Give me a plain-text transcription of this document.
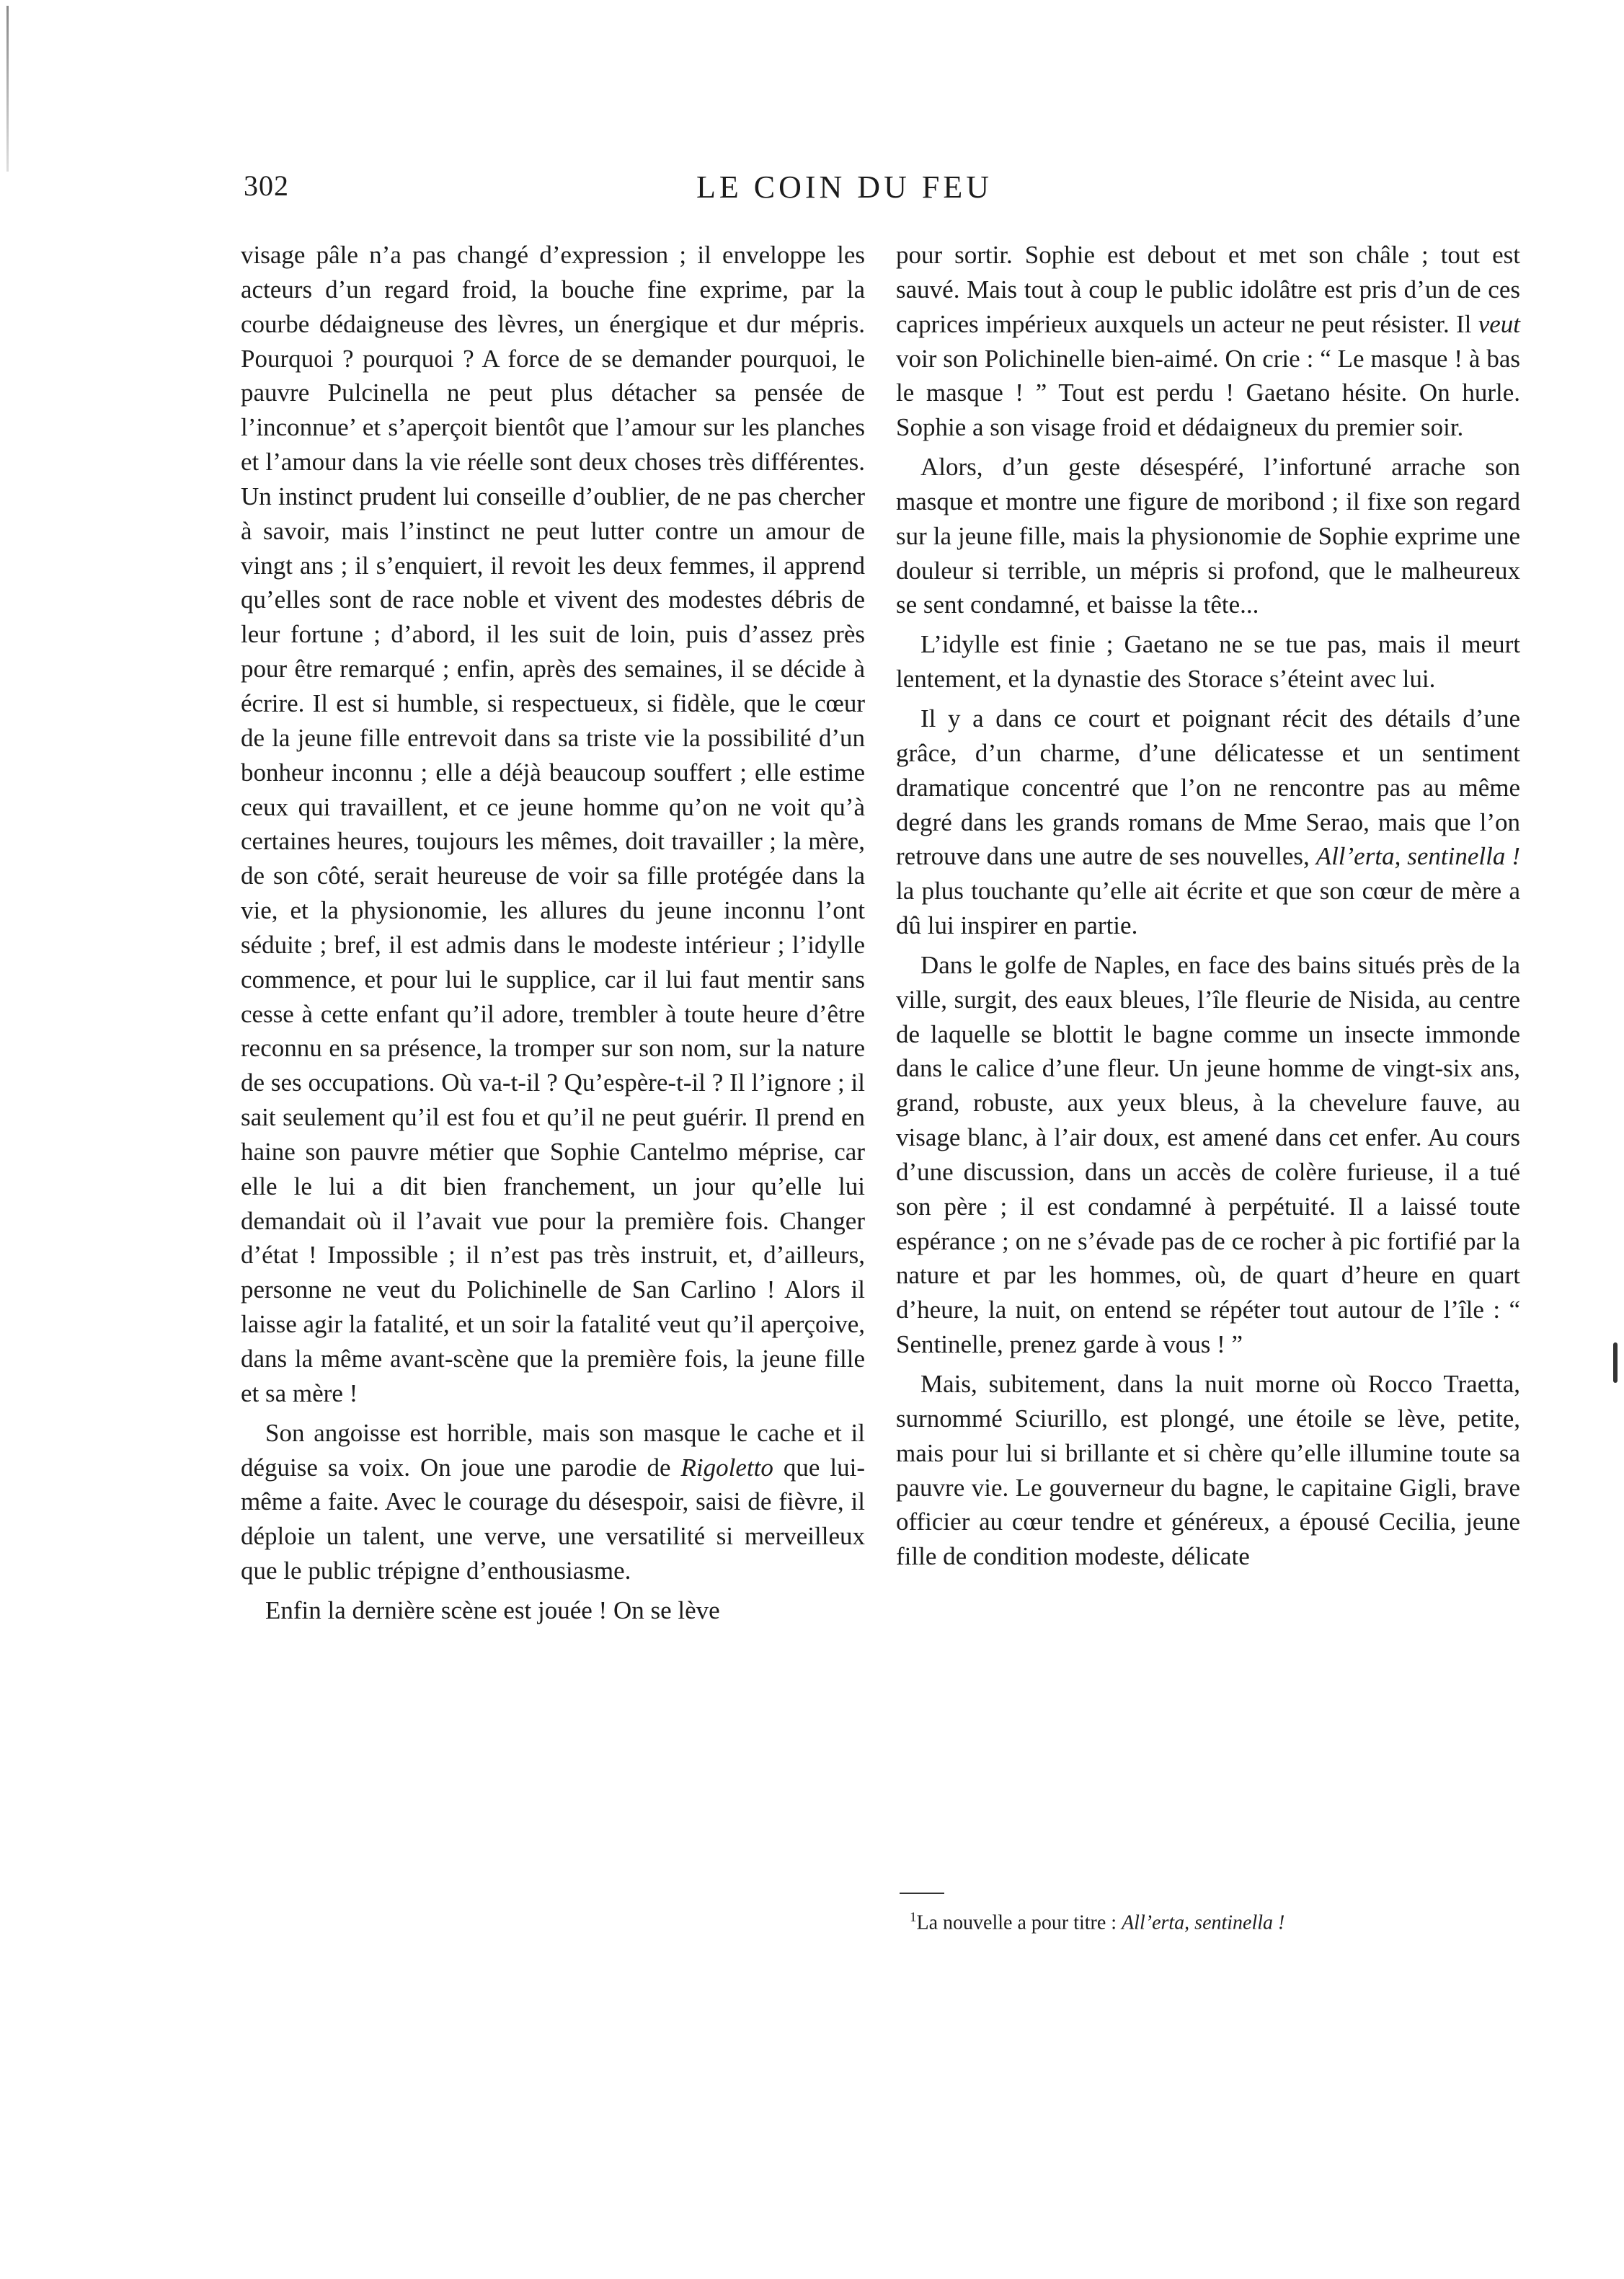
302	LE COIN DU FEU

visage pâle n’a pas changé d’expression ; il enveloppe les acteurs d’un regard froid, la bouche fine exprime, par la courbe dédaigneuse des lèvres, un énergique et dur mépris. Pourquoi ? pourquoi ? A force de se demander pourquoi, le pauvre Pulcinella ne peut plus détacher sa pensée de l’inconnue’ et s’aperçoit bientôt que l’amour sur les planches et l’amour dans la vie réelle sont deux choses très différentes. Un instinct prudent lui conseille d’oublier, de ne pas chercher à savoir, mais l’instinct ne peut lutter contre un amour de vingt ans ; il s’enquiert, il revoit les deux femmes, il apprend qu’elles sont de race noble et vivent des modestes débris de leur fortune ; d’abord, il les suit de loin, puis d’assez près pour être remarqué ; enfin, après des semaines, il se décide à écrire. Il est si humble, si respectueux, si fidèle, que le cœur de la jeune fille entrevoit dans sa triste vie la possibilité d’un bonheur inconnu ; elle a déjà beaucoup souffert ; elle estime ceux qui travaillent, et ce jeune homme qu’on ne voit qu’à certaines heures, toujours les mêmes, doit travailler ; la mère, de son côté, serait heureuse de voir sa fille protégée dans la vie, et la physionomie, les allures du jeune inconnu l’ont séduite ; bref, il est admis dans le modeste intérieur ; l’idylle commence, et pour lui le supplice, car il lui faut mentir sans cesse à cette enfant qu’il adore, trembler à toute heure d’être reconnu en sa présence, la tromper sur son nom, sur la nature de ses occupations. Où va-t-il ? Qu’espère-t-il ? Il l’ignore ; il sait seulement qu’il est fou et qu’il ne peut guérir. Il prend en haine son pauvre métier que Sophie Cantelmo méprise, car elle le lui a dit bien franchement, un jour qu’elle lui demandait où il l’avait vue pour la première fois. Changer d’état ! Impossible ; il n’est pas très instruit, et, d’ailleurs, personne ne veut du Polichinelle de San Carlino ! Alors il laisse agir la fatalité, et un soir la fatalité veut qu’il aperçoive, dans la même avant-scène que la première fois, la jeune fille et sa mère !

Son angoisse est horrible, mais son masque le cache et il déguise sa voix. On joue une parodie de Rigoletto que lui-même a faite. Avec le courage du désespoir, saisi de fièvre, il déploie un talent, une verve, une versatilité si merveilleux que le public trépigne d’enthousiasme.

Enfin la dernière scène est jouée ! On se lève

pour sortir. Sophie est debout et met son châle ; tout est sauvé. Mais tout à coup le public idolâtre est pris d’un de ces caprices impérieux auxquels un acteur ne peut résister. Il veut voir son Polichinelle bien-aimé. On crie : “ Le masque ! à bas le masque ! ” Tout est perdu ! Gaetano hésite. On hurle. Sophie a son visage froid et dédaigneux du premier soir.

Alors, d’un geste désespéré, l’infortuné arrache son masque et montre une figure de moribond ; il fixe son regard sur la jeune fille, mais la physionomie de Sophie exprime une douleur si terrible, un mépris si profond, que le malheureux se sent condamné, et baisse la tête...

L’idylle est finie ; Gaetano ne se tue pas, mais il meurt lentement, et la dynastie des Storace s’éteint avec lui.

Il y a dans ce court et poignant récit des détails d’une grâce, d’un charme, d’une délicatesse et un sentiment dramatique concentré que l’on ne rencontre pas au même degré dans les grands romans de Mme Serao, mais que l’on retrouve dans une autre de ses nouvelles, All’erta, sentinella ! la plus touchante qu’elle ait écrite et que son cœur de mère a dû lui inspirer en partie.

Dans le golfe de Naples, en face des bains situés près de la ville, surgit, des eaux bleues, l’île fleurie de Nisida, au centre de laquelle se blottit le bagne comme un insecte immonde dans le calice d’une fleur. Un jeune homme de vingt-six ans, grand, robuste, aux yeux bleus, à la chevelure fauve, au visage blanc, à l’air doux, est amené dans cet enfer. Au cours d’une discussion, dans un accès de colère furieuse, il a tué son père ; il est condamné à perpétuité. Il a laissé toute espérance ; on ne s’évade pas de ce rocher à pic fortifié par la nature et par les hommes, où, de quart d’heure en quart d’heure, la nuit, on entend se répéter tout autour de l’île : “ Sentinelle, prenez garde à vous ! ”

Mais, subitement, dans la nuit morne où Rocco Traetta, surnommé Sciurillo, est plongé, une étoile se lève, petite, mais pour lui si brillante et si chère qu’elle illumine toute sa pauvre vie. Le gouverneur du bagne, le capitaine Gigli, brave officier au cœur tendre et généreux, a épousé Cecilia, jeune fille de condition modeste, délicate

$^1$La nouvelle a pour titre : All’erta, sentinella !
